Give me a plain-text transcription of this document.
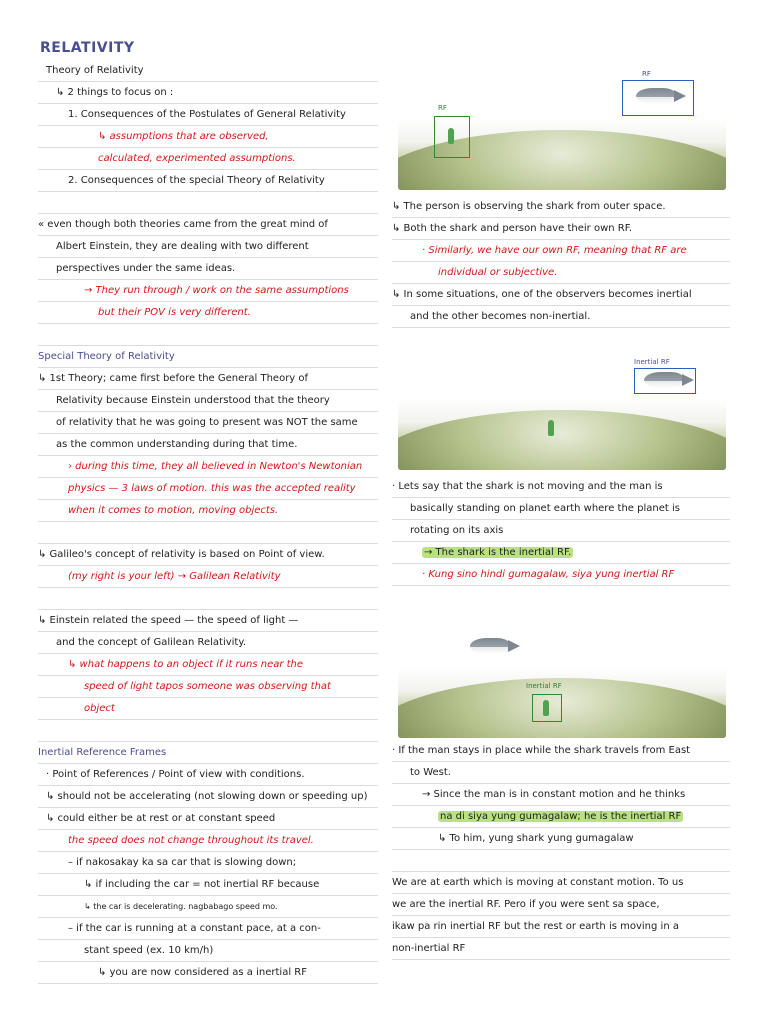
RELATIVITY
Theory of Relativity
↳ 2 things to focus on :
1. Consequences of the Postulates of General Relativity
↳ assumptions that are observed,
calculated, experimented assumptions.
2. Consequences of the special Theory of Relativity
« even though both theories came from the great mind of
Albert Einstein, they are dealing with two different
perspectives under the same ideas.
→ They run through / work on the same assumptions
but their POV is very different.
Special Theory of Relativity
↳ 1st Theory; came first before the General Theory of
Relativity because Einstein understood that the theory
of relativity that he was going to present was NOT the same
as the common understanding during that time.
› during this time, they all believed in Newton's Newtonian
physics — 3 laws of motion. this was the accepted reality
when it comes to motion, moving objects.
↳ Galileo's concept of relativity is based on Point of view.
(my right is your left) → Galilean Relativity
↳ Einstein related the speed — the speed of light —
and the concept of Galilean Relativity.
↳ what happens to an object if it runs near the
speed of light tapos someone was observing that
object
Inertial Reference Frames
· Point of References / Point of view with conditions.
↳ should not be accelerating (not slowing down or speeding up)
↳ could either be at rest or at constant speed
the speed does not change throughout its travel.
– if nakosakay ka sa car that is slowing down;
↳ if including the car = not inertial RF because
↳ the car is decelerating. nagbabago speed mo.
– if the car is running at a constant pace, at a con-
stant speed (ex. 10 km/h)
↳ you are now considered as a inertial RF
RF
RF
↳ The person is observing the shark from outer space.
↳ Both the shark and person have their own RF.
· Similarly, we have our own RF, meaning that RF are
individual or subjective.
↳ In some situations, one of the observers becomes inertial
and the other becomes non-inertial.
Inertial RF
· Lets say that the shark is not moving and the man is
basically standing on planet earth where the planet is
rotating on its axis
→ The shark is the inertial RF.
· Kung sino hindi gumagalaw, siya yung inertial RF
Inertial RF
· If the man stays in place while the shark travels from East
to West.
→ Since the man is in constant motion and he thinks
na di siya yung gumagalaw; he is the inertial RF
↳ To him, yung shark yung gumagalaw
We are at earth which is moving at constant motion. To us
we are the inertial RF. Pero if you were sent sa space,
ikaw pa rin inertial RF but the rest or earth is moving in a
non-inertial RF
